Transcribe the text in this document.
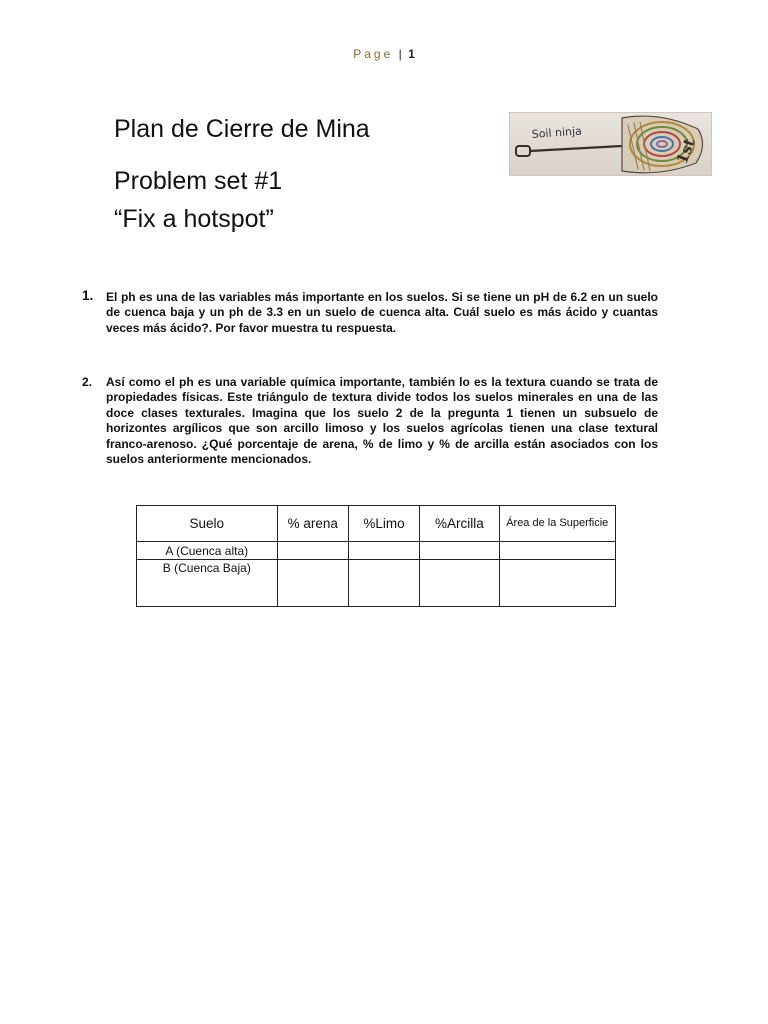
Page | 1
Plan de Cierre de Mina
Problem set #1
“Fix a hotspot”
Soil ninja
1st
1. El ph es una de las variables más importante en los suelos. Si se tiene un pH de 6.2 en un suelo de cuenca baja y un ph de 3.3 en un suelo de cuenca alta. Cuál suelo es más ácido y cuantas veces más ácido?. Por favor muestra tu respuesta.
2. Así como el ph es una variable química importante, también lo es la textura cuando se trata de propiedades físicas. Este triángulo de textura divide todos los suelos minerales en una de las doce clases texturales. Imagina que los suelo 2 de la pregunta 1 tienen un subsuelo de horizontes argílicos que son arcillo limoso y los suelos agrícolas tienen una clase textural franco-arenoso. ¿Qué porcentaje de arena, % de limo y % de arcilla están asociados con los suelos anteriormente mencionados.
Suelo	% arena	%Limo	%Arcilla	Área de la Superficie
A (Cuenca alta)				
B (Cuenca Baja)				
